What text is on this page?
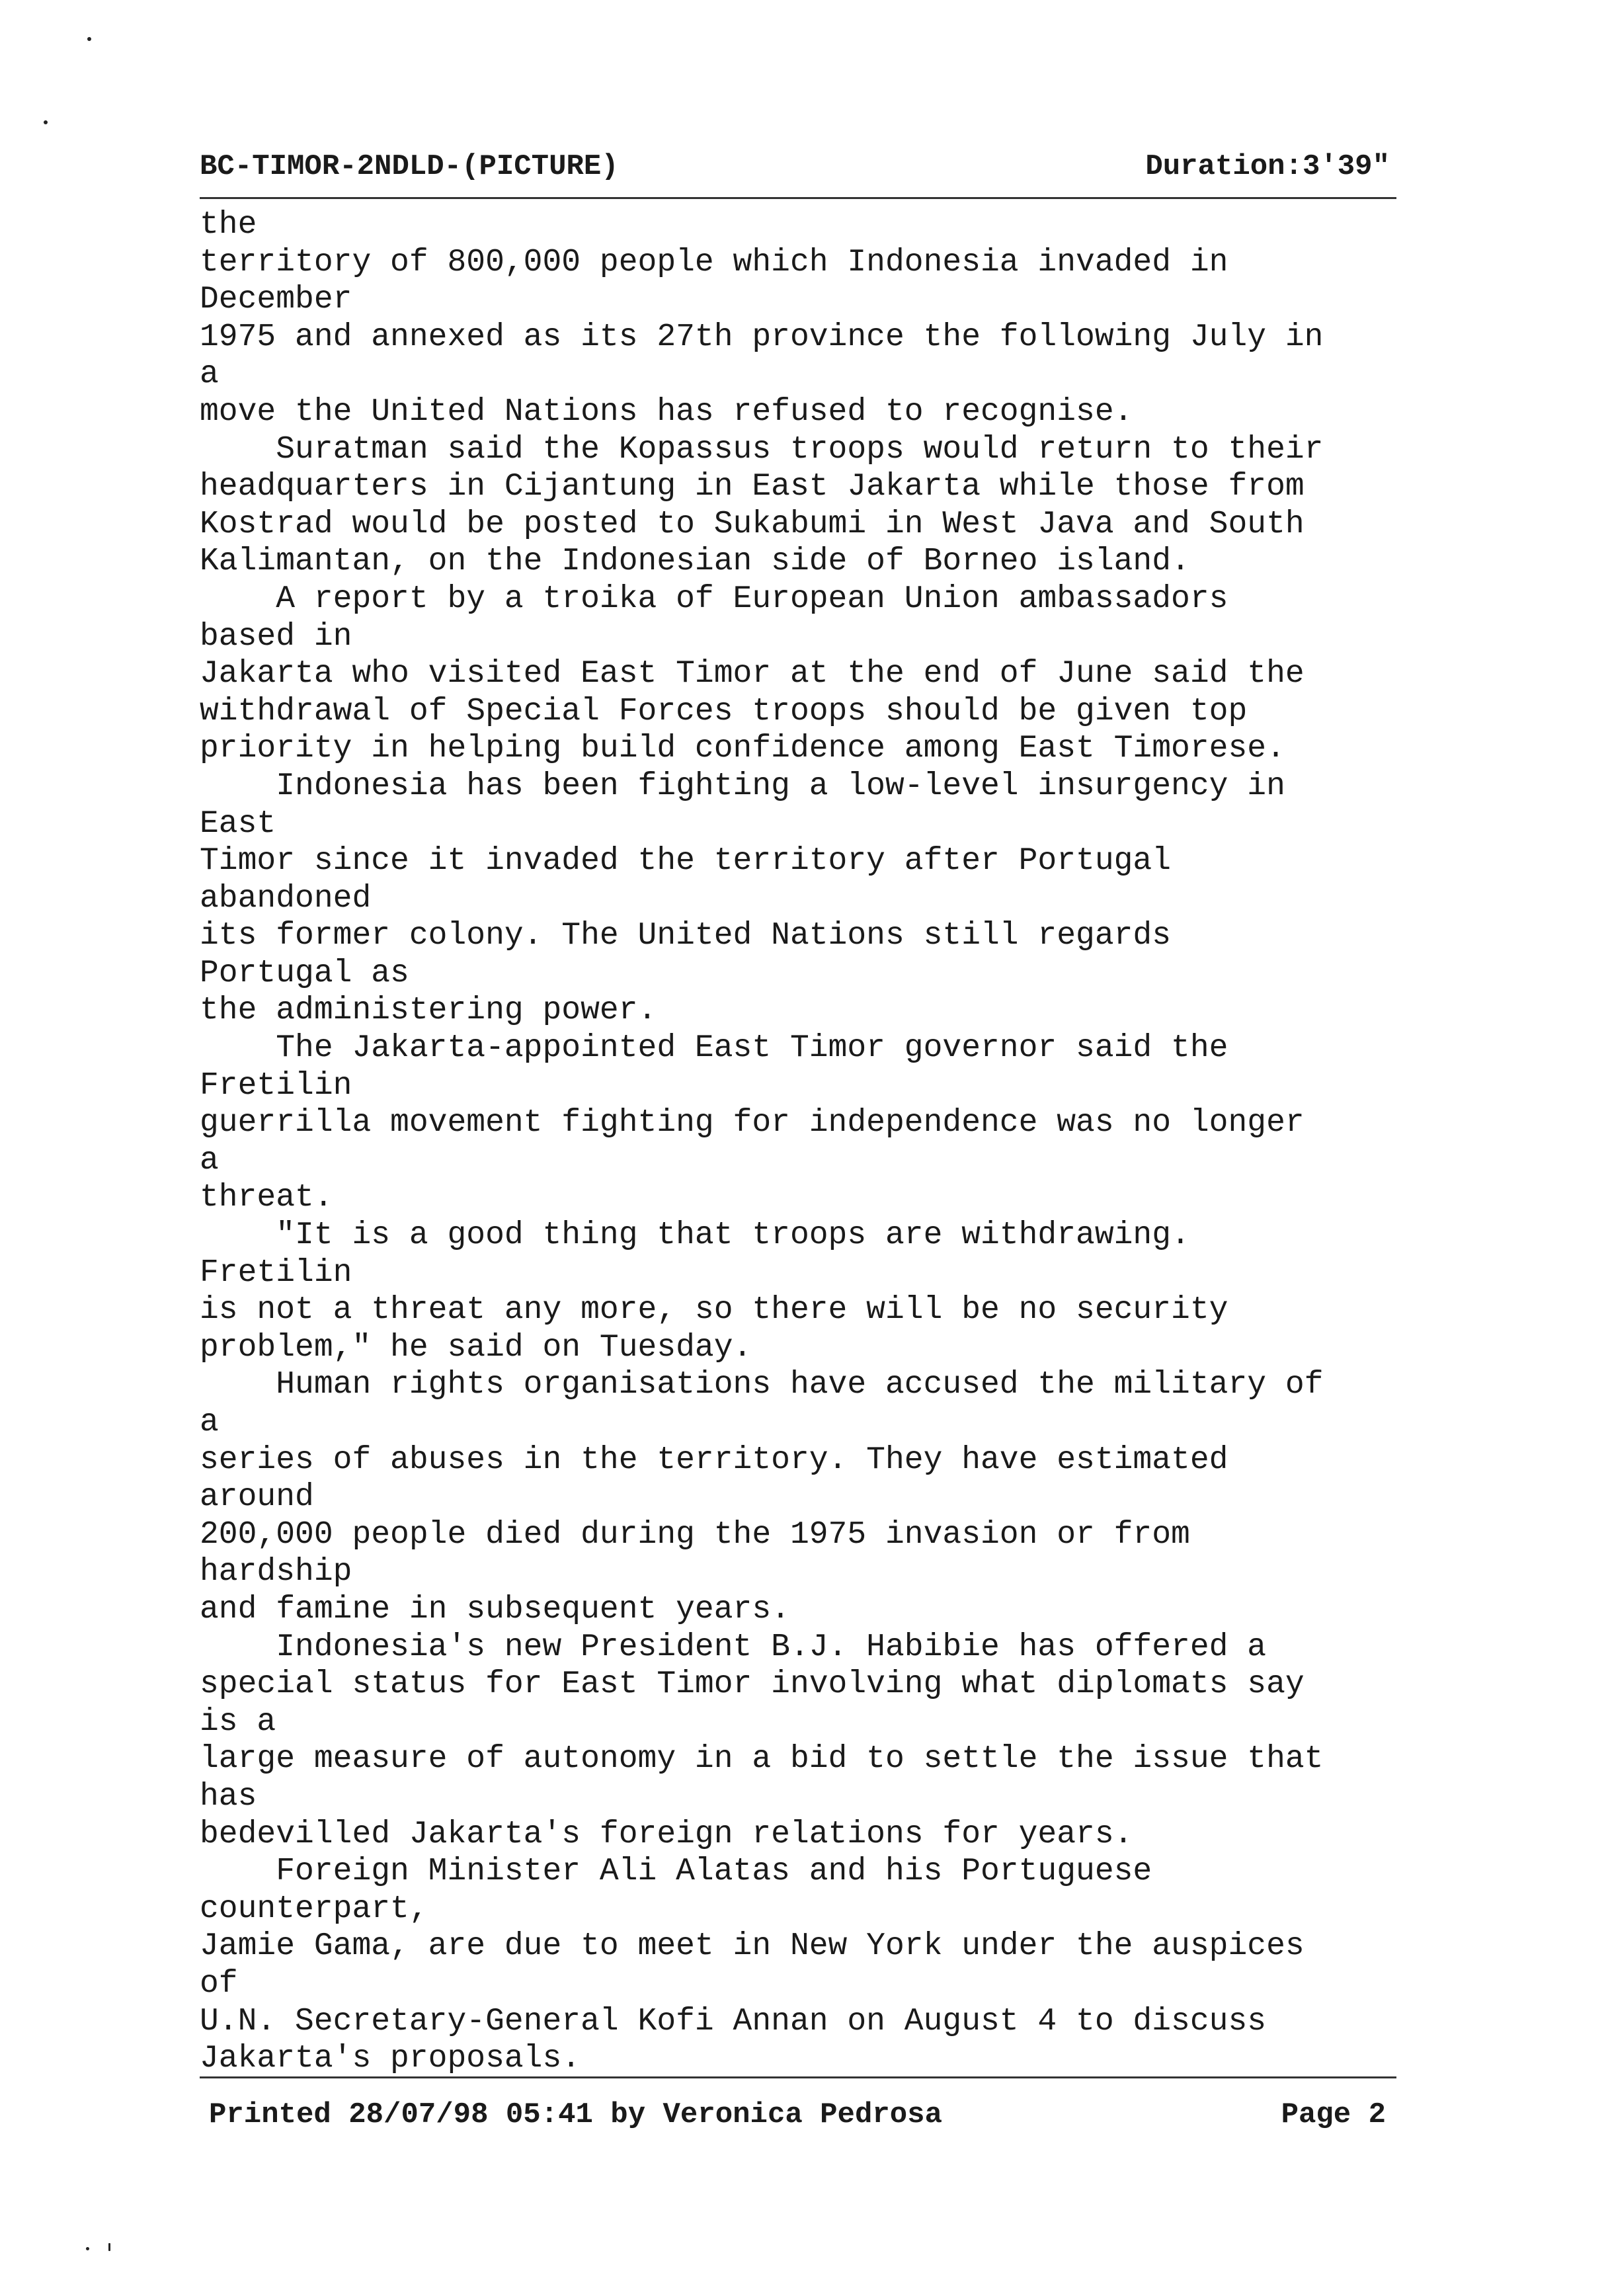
BC-TIMOR-2NDLD-(PICTURE)	Duration:3'39"
the
territory of 800,000 people which Indonesia invaded in
December
1975 and annexed as its 27th province the following July in
a
move the United Nations has refused to recognise.
Suratman said the Kopassus troops would return to their
headquarters in Cijantung in East Jakarta while those from
Kostrad would be posted to Sukabumi in West Java and South
Kalimantan, on the Indonesian side of Borneo island.
A report by a troika of European Union ambassadors
based in
Jakarta who visited East Timor at the end of June said the
withdrawal of Special Forces troops should be given top
priority in helping build confidence among East Timorese.
Indonesia has been fighting a low-level insurgency in
East
Timor since it invaded the territory after Portugal
abandoned
its former colony. The United Nations still regards
Portugal as
the administering power.
The Jakarta-appointed East Timor governor said the
Fretilin
guerrilla movement fighting for independence was no longer
a
threat.
"It is a good thing that troops are withdrawing.
Fretilin
is not a threat any more, so there will be no security
problem," he said on Tuesday.
Human rights organisations have accused the military of
a
series of abuses in the territory. They have estimated
around
200,000 people died during the 1975 invasion or from
hardship
and famine in subsequent years.
Indonesia's new President B.J. Habibie has offered a
special status for East Timor involving what diplomats say
is a
large measure of autonomy in a bid to settle the issue that
has
bedevilled Jakarta's foreign relations for years.
Foreign Minister Ali Alatas and his Portuguese
counterpart,
Jamie Gama, are due to meet in New York under the auspices
of
U.N. Secretary-General Kofi Annan on August 4 to discuss
Jakarta's proposals.
Printed 28/07/98 05:41 by Veronica Pedrosa	Page 2
